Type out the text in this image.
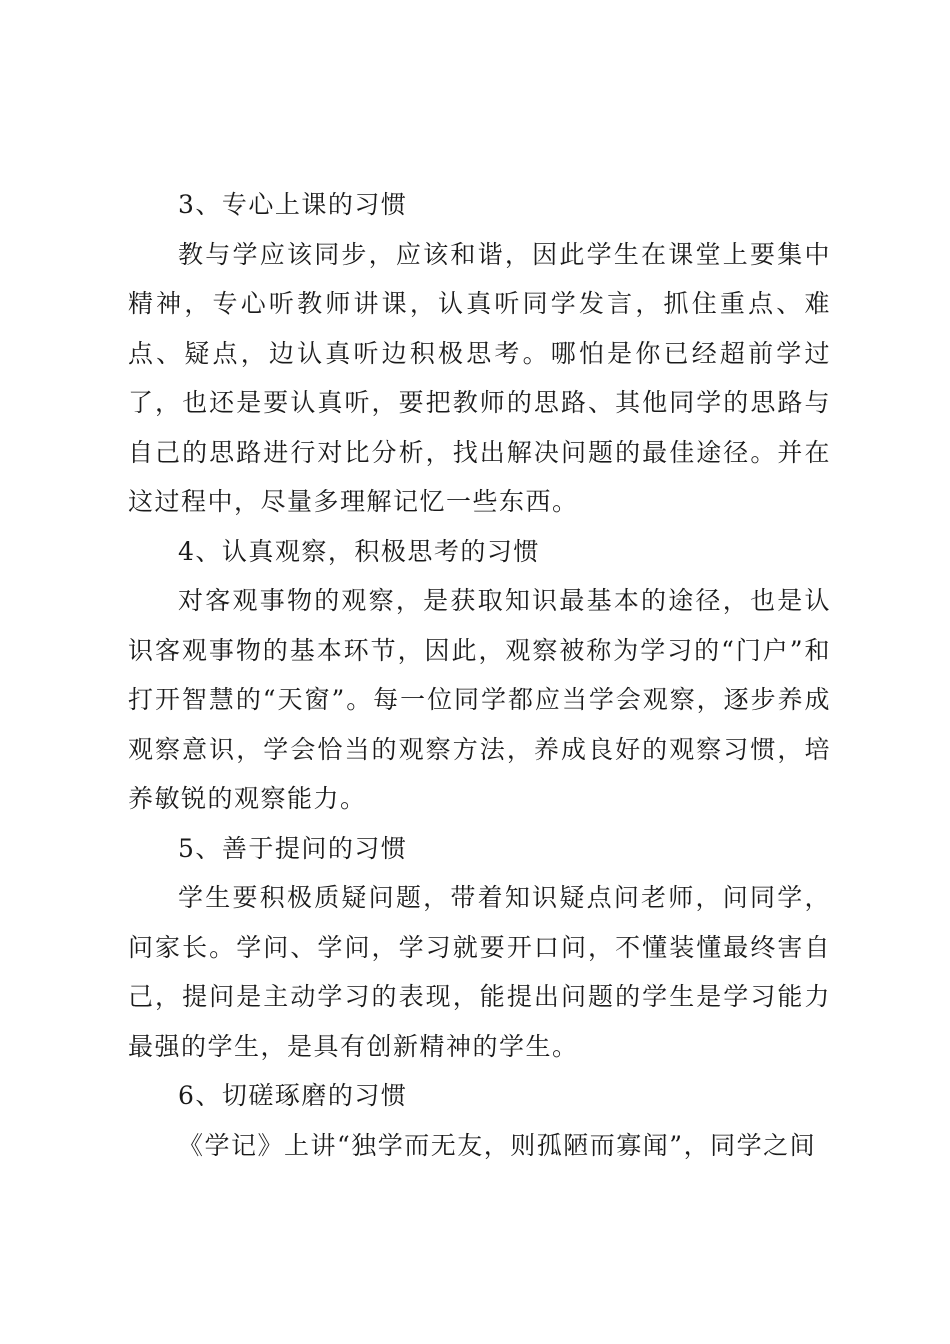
3、专心上课的习惯

教与学应该同步，应该和谐，因此学生在课堂上要集中精神，专心听教师讲课，认真听同学发言，抓住重点、难点、疑点，边认真听边积极思考。哪怕是你已经超前学过了，也还是要认真听，要把教师的思路、其他同学的思路与自己的思路进行对比分析，找出解决问题的最佳途径。并在这过程中，尽量多理解记忆一些东西。

4、认真观察，积极思考的习惯

对客观事物的观察，是获取知识最基本的途径，也是认识客观事物的基本环节，因此，观察被称为学习的“门户”和打开智慧的“天窗”。每一位同学都应当学会观察，逐步养成观察意识，学会恰当的观察方法，养成良好的观察习惯，培养敏锐的观察能力。

5、善于提问的习惯

学生要积极质疑问题，带着知识疑点问老师，问同学，问家长。学问、学问，学习就要开口问，不懂装懂最终害自己，提问是主动学习的表现，能提出问题的学生是学习能力最强的学生，是具有创新精神的学生。

6、切磋琢磨的习惯

《学记》上讲“独学而无友，则孤陋而寡闻”，同学之间
